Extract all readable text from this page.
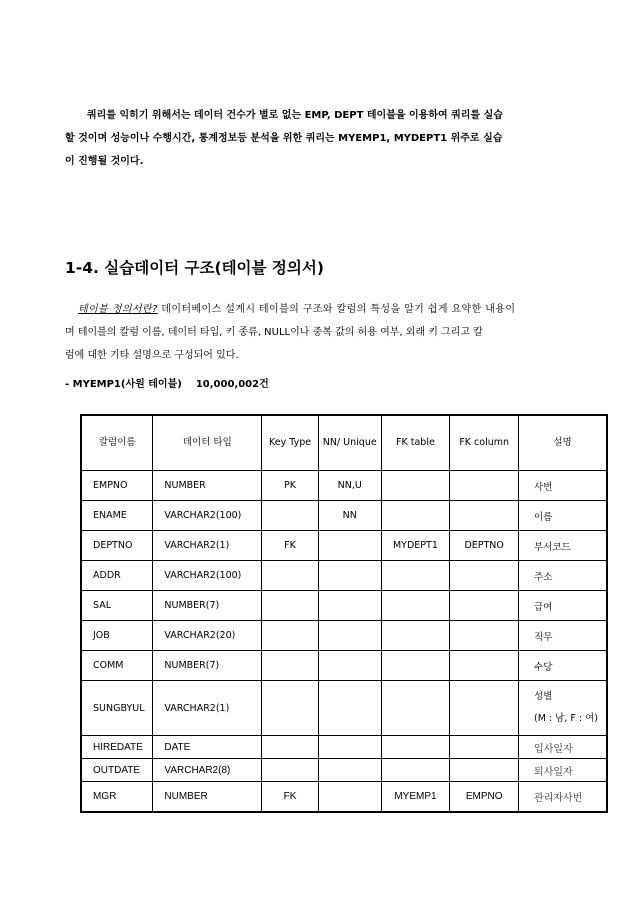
쿼리를 익히기 위해서는 데이터 건수가 별로 없는 EMP, DEPT 테이블을 이용하여 쿼리를 실습

할 것이며 성능이나 수행시간, 통계정보등 분석을 위한 쿼리는 MYEMP1, MYDEPT1 위주로 실습

이 진행될 것이다.

1-4. 실습데이터 구조(테이블 정의서)

테이블 정의서란? 데이터베이스 설계시 테이블의 구조와 칼럼의 특성을 알기 쉽게 요약한 내용이

며 테이블의 칼럼 이름, 데이터 타입, 키 종류, NULL이나 중복 값의 허용 여부, 외래 키 그리고 칼

럼에 대한 기타 설명으로 구성되어 있다.

- MYEMP1(사원 테이블) 10,000,002건
칼럼이름	데이터 타입	Key Type	NN/ Unique	FK table	FK column	설명
EMPNO	NUMBER	PK	NN,U			사번
ENAME	VARCHAR2(100)		NN			이름
DEPTNO	VARCHAR2(1)	FK		MYDEPT1	DEPTNO	부서코드
ADDR	VARCHAR2(100)					주소
SAL	NUMBER(7)					급여
JOB	VARCHAR2(20)					직무
COMM	NUMBER(7)					수당
SUNGBYUL	VARCHAR2(1)					성별
(M : 남, F : 여)

HIREDATE	DATE					입사일자
OUTDATE	VARCHAR2(8)					퇴사일자
MGR	NUMBER	FK		MYEMP1	EMPNO	관리자사번
